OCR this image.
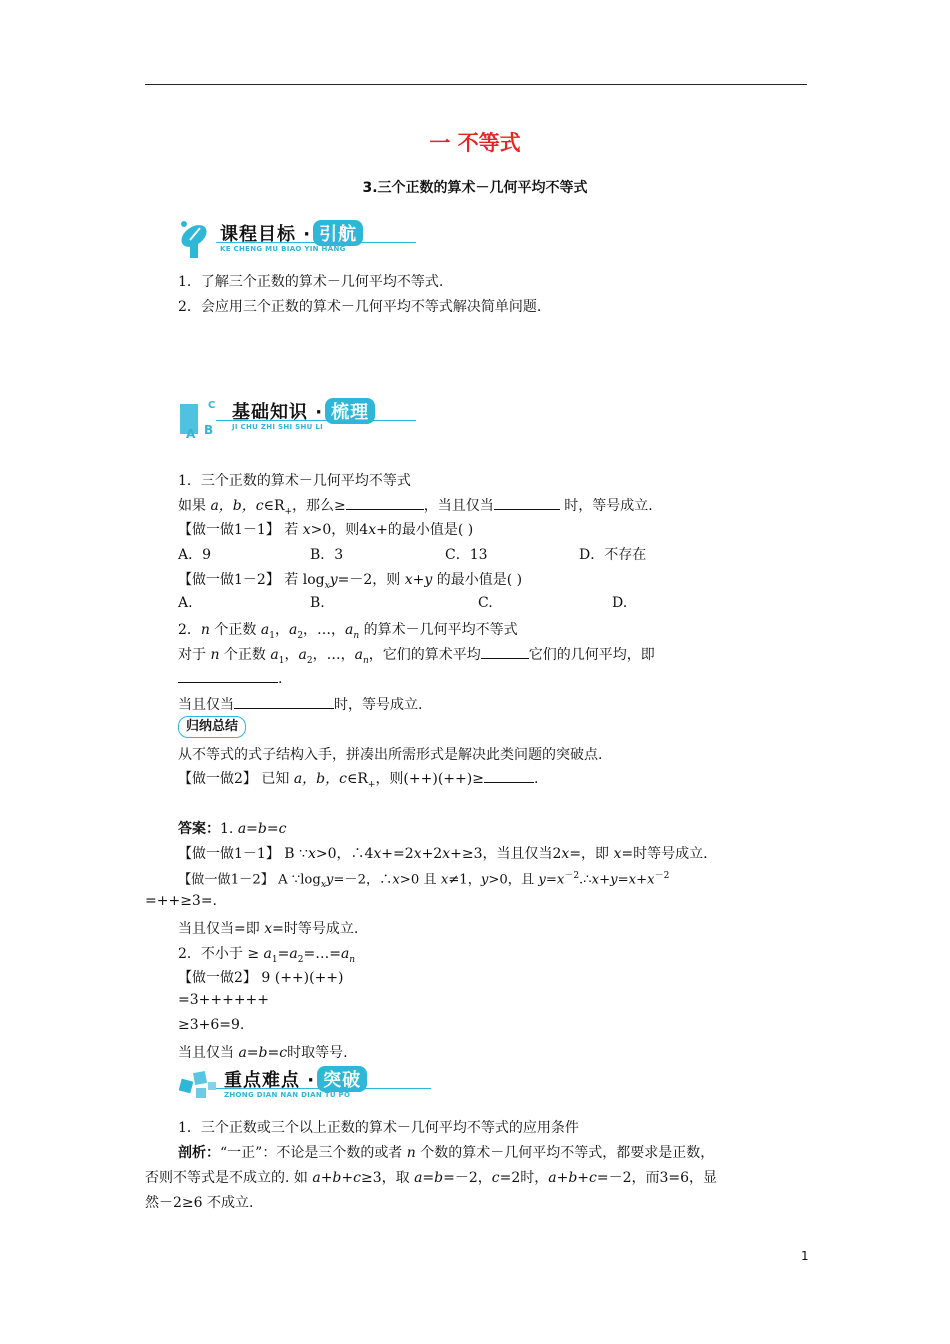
一 不等式
3.三个正数的算术－几何平均不等式
课程目标 · 引航
KE CHENG MU BIAO YIN HANG
1．了解三个正数的算术－几何平均不等式.
2．会应用三个正数的算术－几何平均不等式解决简单问题.
A B
C 基础知识 · 梳理
JI CHU ZHI SHI SHU LI
1．三个正数的算术－几何平均不等式
如果 a，b，$c\in R_+$，那么≥	，当且仅当	时，等号成立.
【做一做1－1】 若 x>0，则4x+的最小值是( )
A．9	B．3	C．13	D．不存在
【做一做1－2】 若 $\log_xy=-2$，则 x+y 的最小值是( )
A.	B.	C.	D.
2．n 个正数 $a_1$，$a_2$，…，$a_n$ 的算术－几何平均不等式
对于 n 个正数 $a_1$，$a_2$，…，$a_n$，它们的算术平均	它们的几何平均，即
.
当且仅当	时，等号成立.
归纳总结
从不等式的式子结构入手，拼凑出所需形式是解决此类问题的突破点.
【做一做2】 已知 a，b，$c\in R_+$，则(++)(++)≥	.
答案：1. a=b=c
【做一做1－1】 B ∵x>0，∴4x+=2x+2x+≥3，当且仅当2x=，即 x=时等号成立.
【做一做1－2】 A $\because\log_xy=-2$，∴x>0 且 x≠1，y>0，且 $y=x^{-2}.\therefore x+y=x+x^{-2}$
=++≥3=.
当且仅当=即 x=时等号成立.
2．不小于 ≥ $a_1=a_2=\dots=a_n$
【做一做2】 9 (++)(++)
=3++++++
≥3+6=9.
当且仅当 a=b=c时取等号.
重点难点 · 突破
ZHONG DIAN NAN DIAN TU PO
1．三个正数或三个以上正数的算术－几何平均不等式的应用条件
剖析：“一正”：不论是三个数的或者 n 个数的算术－几何平均不等式，都要求是正数，
否则不等式是不成立的. 如 a+b+c≥3，取 a=b=－2，c=2时，a+b+c=－2，而3=6，显
然－2≥6 不成立.
1
